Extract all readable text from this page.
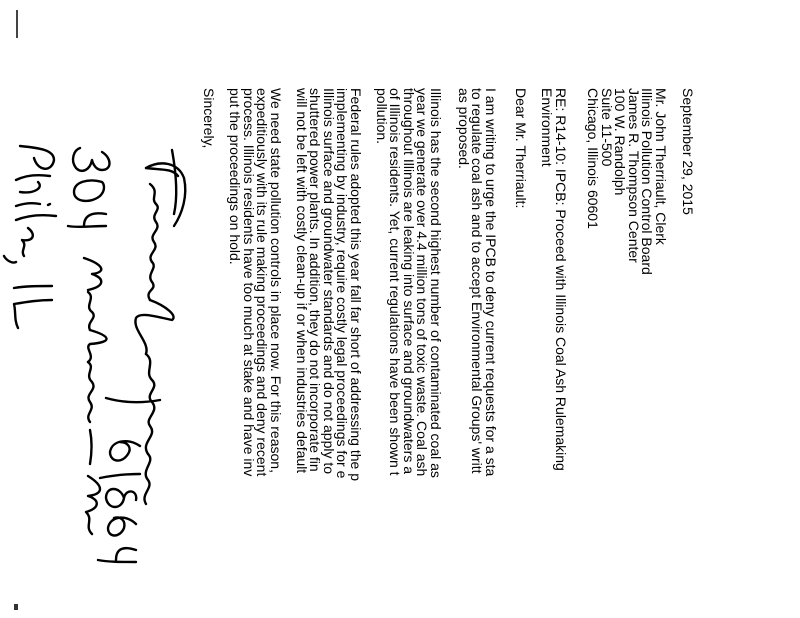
September 29, 2015
Mr. John Therriault, Clerk
Illinois Pollution Control Board
James R. Thompson Center
100 W. Randolph
Suite 11-500
Chicago, Illinois 60601
RE: R14-10: IPCB: Proceed with Illinois Coal Ash Rulemaking
Environment
Dear Mr. Therriault:
I am writing to urge the IPCB to deny current requests for a sta
to regulate coal ash and to accept Environmental Groups' writt
as proposed.
Illinois has the second highest number of contaminated coal as
year we generate over 4.4 million tons of toxic waste. Coal ash
throughout Illinois are leaking into surface and groundwaters a
of Illinois residents. Yet, current regulations have been shown t
pollution.
Federal rules adopted this year fall far short of addressing the p
implementing by industry, require costly legal proceedings for e
Illinois surface and groundwater standards and do not apply to
shuttered power plants. In addition, they do not incorporate fin
will not be left with costly clean-up if or when industries default
We need state pollution controls in place now. For this reason,
expeditiously with its rule making proceedings and deny recent
process. Illinois residents have too much at stake and have inv
put the proceedings on hold.
Sincerely,
